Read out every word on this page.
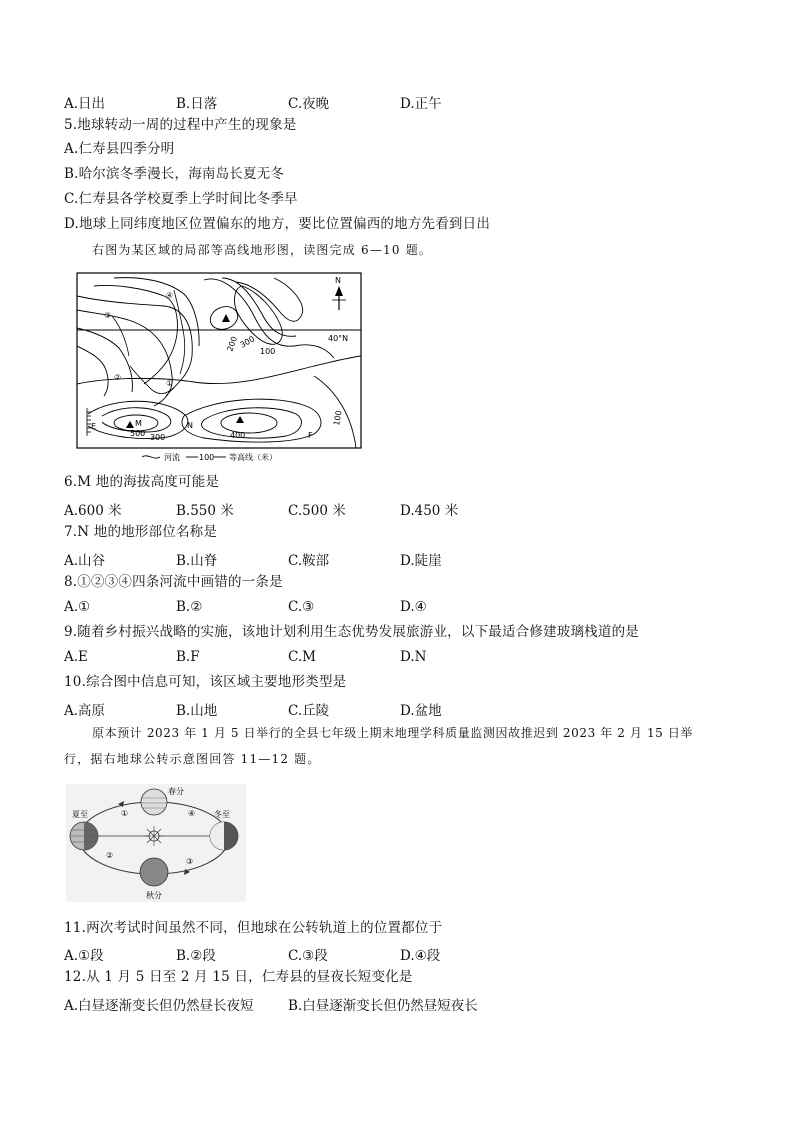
A.日出	B.日落	C.夜晚	D.正午
5.地球转动一周的过程中产生的现象是
A.仁寿县四季分明
B.哈尔滨冬季漫长，海南岛长夏无冬
C.仁寿县各学校夏季上学时间比冬季早
D.地球上同纬度地区位置偏东的地方，要比位置偏西的地方先看到日出
右图为某区域的局部等高线地形图，读图完成 6—10 题。
N
40°N
④
③
②
①
M	N
E
F
500 300	400
100
200 300
100
河流 100 等高线（米）
6.M 地的海拔高度可能是
A.600 米	B.550 米	C.500 米	D.450 米
7.N 地的地形部位名称是
A.山谷	B.山脊	C.鞍部	D.陡崖
8.①②③④四条河流中画错的一条是
A.①	B.②	C.③	D.④
9.随着乡村振兴战略的实施，该地计划利用生态优势发展旅游业，以下最适合修建玻璃栈道的是
A.E	B.F	C.M	D.N
10.综合图中信息可知，该区域主要地形类型是
A.高原	B.山地	C.丘陵	D.盆地
原本预计 2023 年 1 月 5 日举行的全县七年级上期末地理学科质量监测因故推迟到 2023 年 2 月 15 日举
行，据右地球公转示意图回答 11—12 题。
春分
夏至	冬至
秋分
①
②
③
④
11.两次考试时间虽然不同，但地球在公转轨道上的位置都位于
A.①段	B.②段	C.③段	D.④段
12.从 1 月 5 日至 2 月 15 日，仁寿县的昼夜长短变化是
A.白昼逐渐变长但仍然昼长夜短	B.白昼逐渐变长但仍然昼短夜长
